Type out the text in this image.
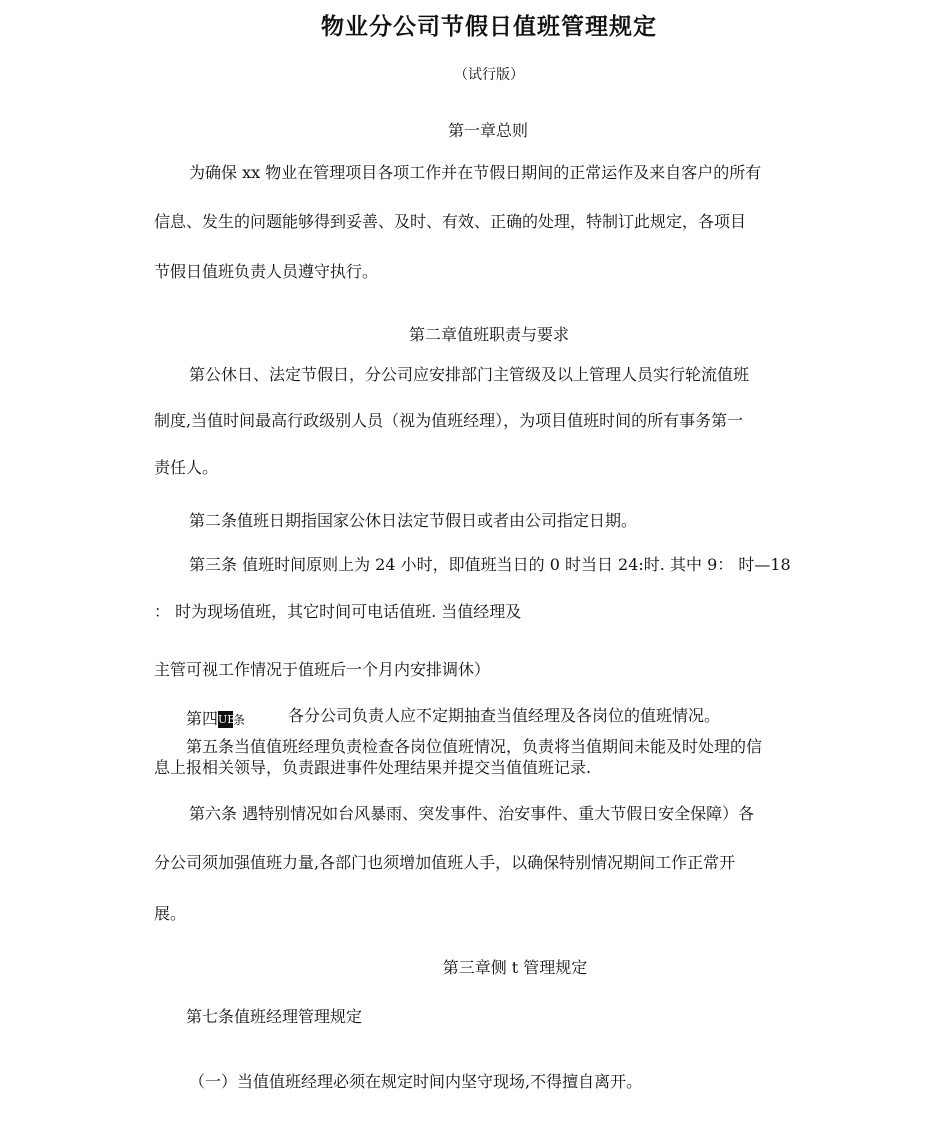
物业分公司节假日值班管理规定
（试行版）
第一章总则
为确保 xx 物业在管理项目各项工作并在节假日期间的正常运作及来自客户的所有
信息、发生的问题能够得到妥善、及时、有效、正确的处理，特制订此规定，各项目
节假日值班负责人员遵守执行。
第二章值班职责与要求
第公休日、法定节假日，分公司应安排部门主管级及以上管理人员实行轮流值班
制度,当值时间最高行政级别人员（视为值班经理），为项目值班时间的所有事务第一
责任人。
第二条值班日期指国家公休日法定节假日或者由公司指定日期。
第三条 值班时间原则上为 24 小时，即值班当日的 0 时当日 24:时. 其中 9： 时—18
： 时为现场值班，其它时间可电话值班. 当值经理及
主管可视工作情况于值班后一个月内安排调休）
第四UE条	各分公司负责人应不定期抽查当值经理及各岗位的值班情况。
第五条当值值班经理负责检查各岗位值班情况，负责将当值期间未能及时处理的信
息上报相关领导，负责跟进事件处理结果并提交当值值班记录.
第六条 遇特别情况如台风暴雨、突发事件、治安事件、重大节假日安全保障）各
分公司须加强值班力量,各部门也须增加值班人手，以确保特别情况期间工作正常开
展。
第三章侧 t 管理规定
第七条值班经理管理规定
（一）当值值班经理必须在规定时间内坚守现场,不得擅自离开。
